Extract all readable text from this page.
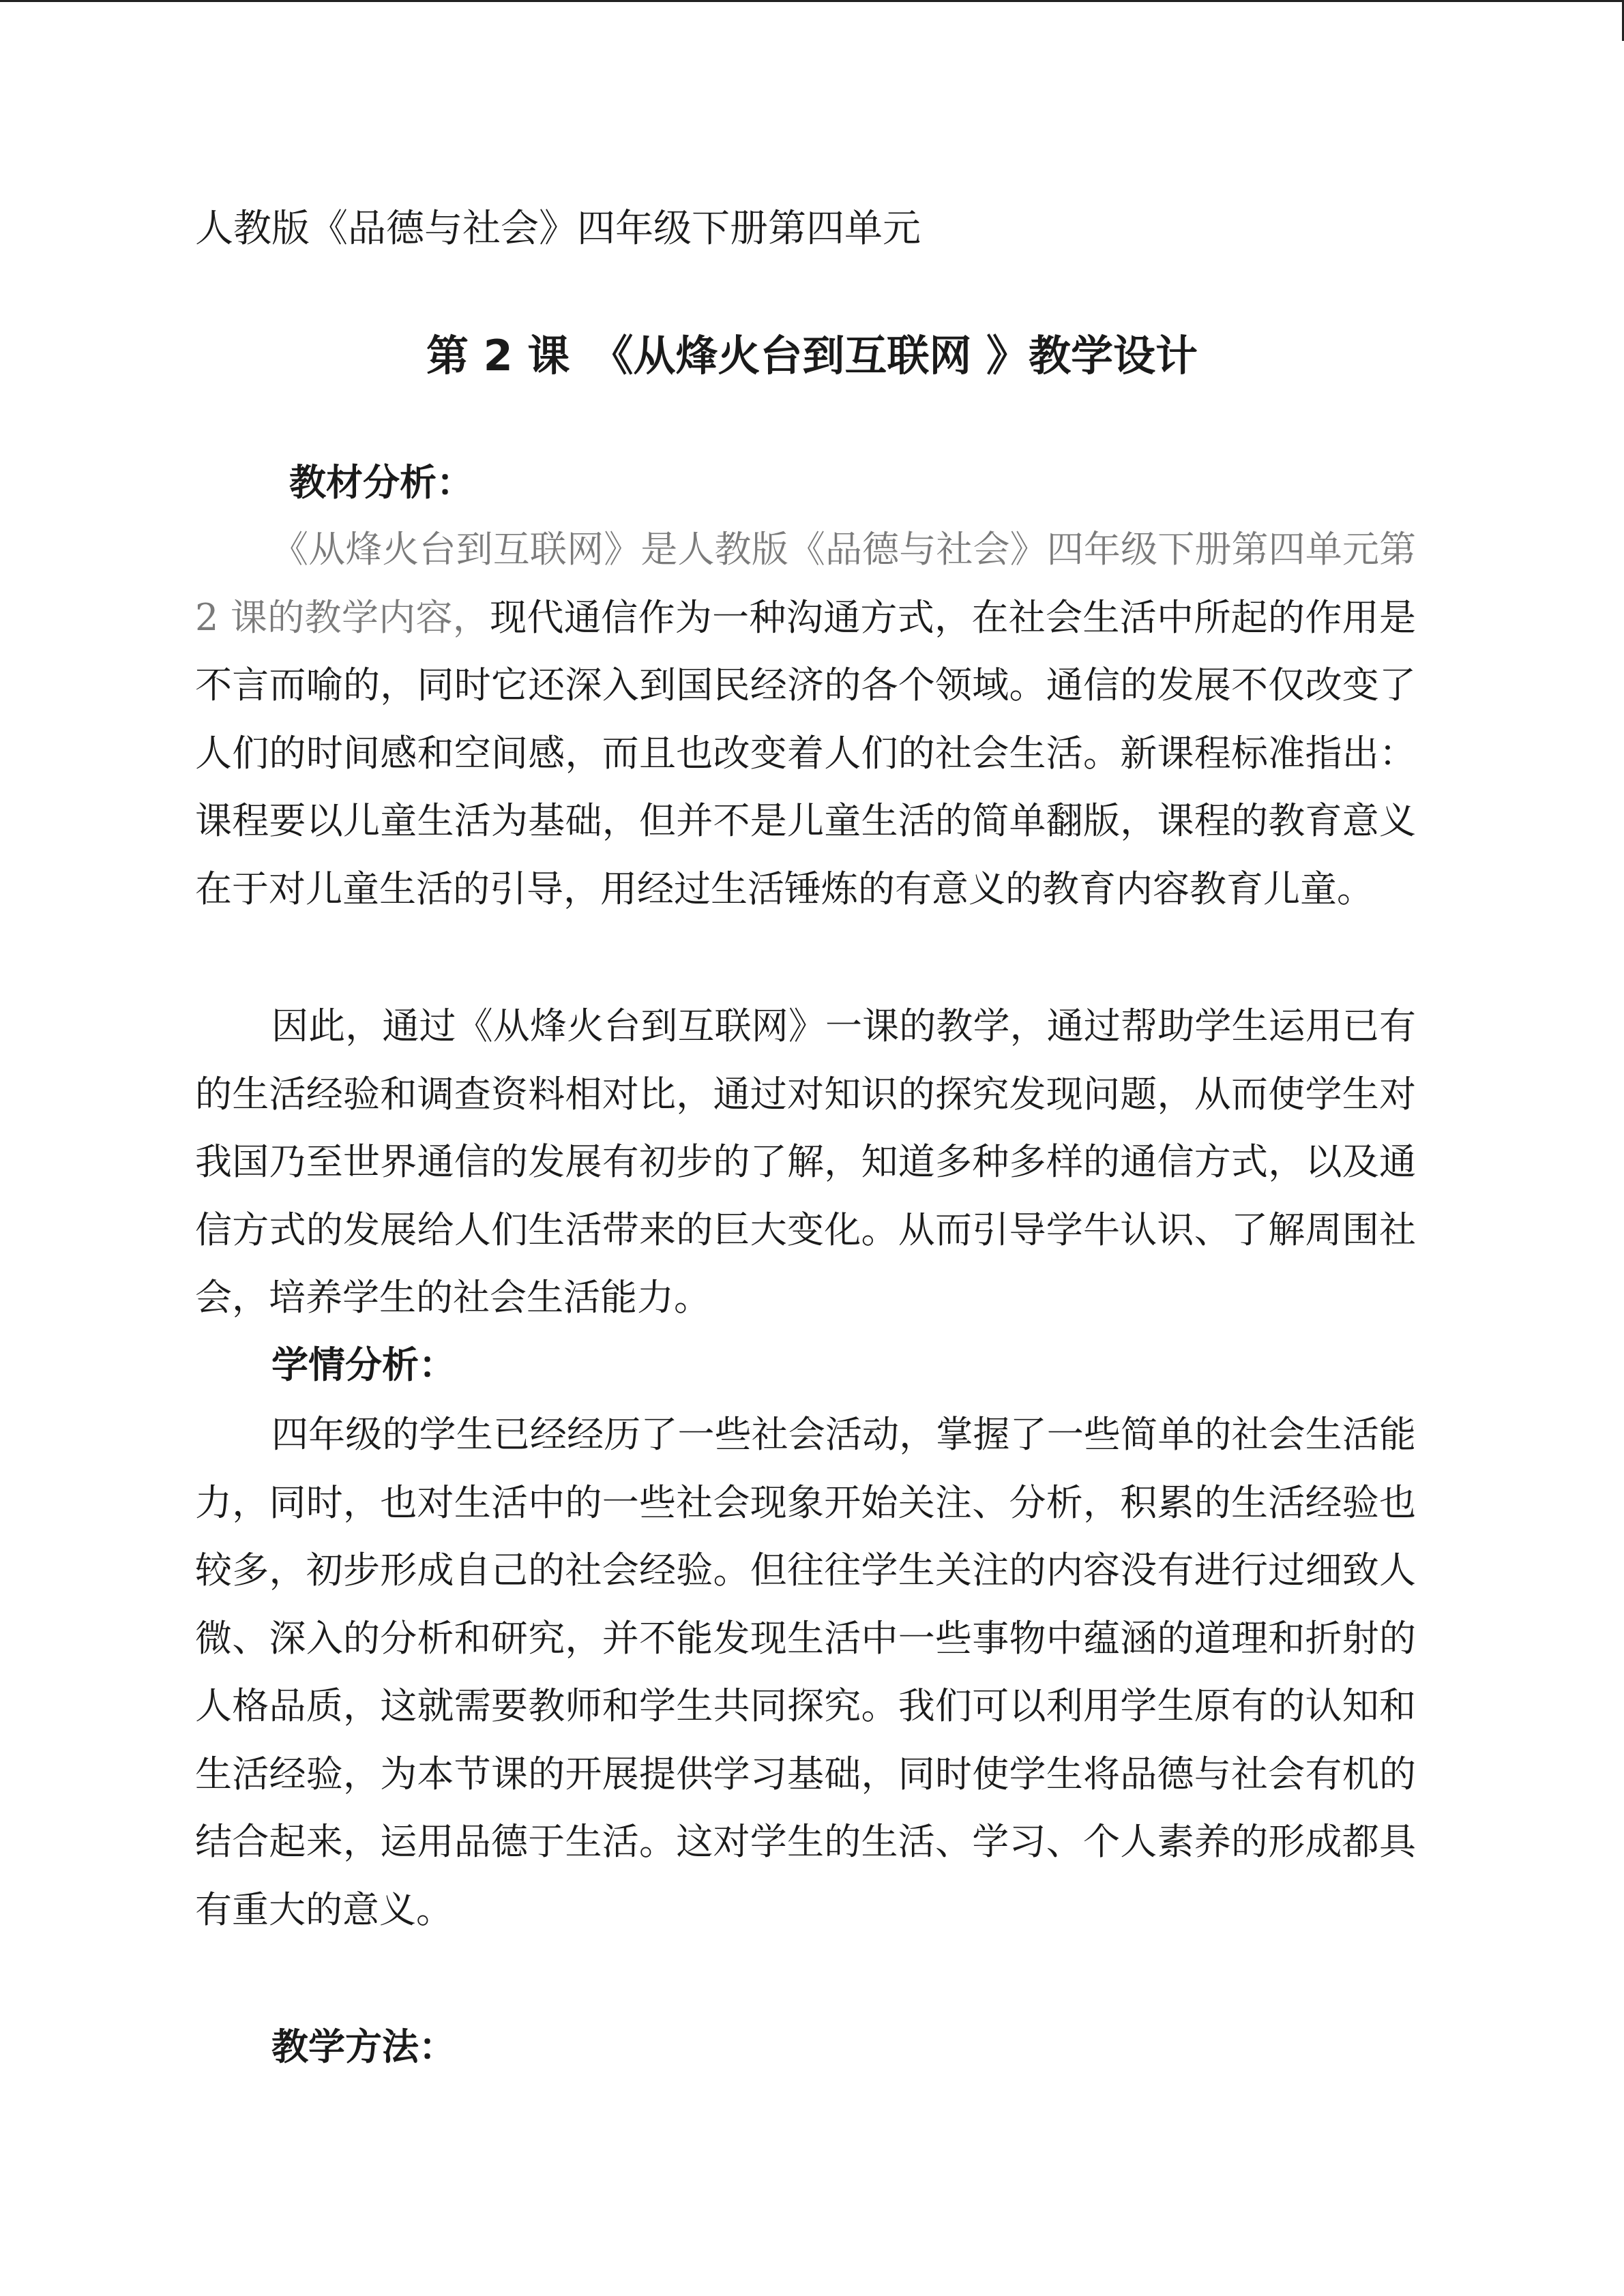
人教版《品德与社会》四年级下册第四单元
第 2 课　《从烽火台到互联网 》教学设计
教材分析：
《从烽火台到互联网》是人教版《品德与社会》四年级下册第四单元第 2 课的教学内容，现代通信作为一种沟通方式，在社会生活中所起的作用是不言而喻的，同时它还深入到国民经济的各个领域。通信的发展不仅改变了人们的时间感和空间感，而且也改变着人们的社会生活。新课程标准指出：课程要以儿童生活为基础，但并不是儿童生活的简单翻版，课程的教育意义在于对儿童生活的引导，用经过生活锤炼的有意义的教育内容教育儿童。
因此，通过《从烽火台到互联网》一课的教学，通过帮助学生运用已有的生活经验和调查资料相对比，通过对知识的探究发现问题，从而使学生对我国乃至世界通信的发展有初步的了解，知道多种多样的通信方式，以及通信方式的发展给人们生活带来的巨大变化。从而引导学牛认识、了解周围社会，培养学生的社会生活能力。
学情分析：
四年级的学生已经经历了一些社会活动，掌握了一些简单的社会生活能力，同时，也对生活中的一些社会现象开始关注、分析，积累的生活经验也较多，初步形成自己的社会经验。但往往学生关注的内容没有进行过细致人微、深入的分析和研究，并不能发现生活中一些事物中蕴涵的道理和折射的人格品质，这就需要教师和学生共同探究。我们可以利用学生原有的认知和生活经验，为本节课的开展提供学习基础，同时使学生将品德与社会有机的结合起来，运用品德于生活。这对学生的生活、学习、个人素养的形成都具有重大的意义。
教学方法：
